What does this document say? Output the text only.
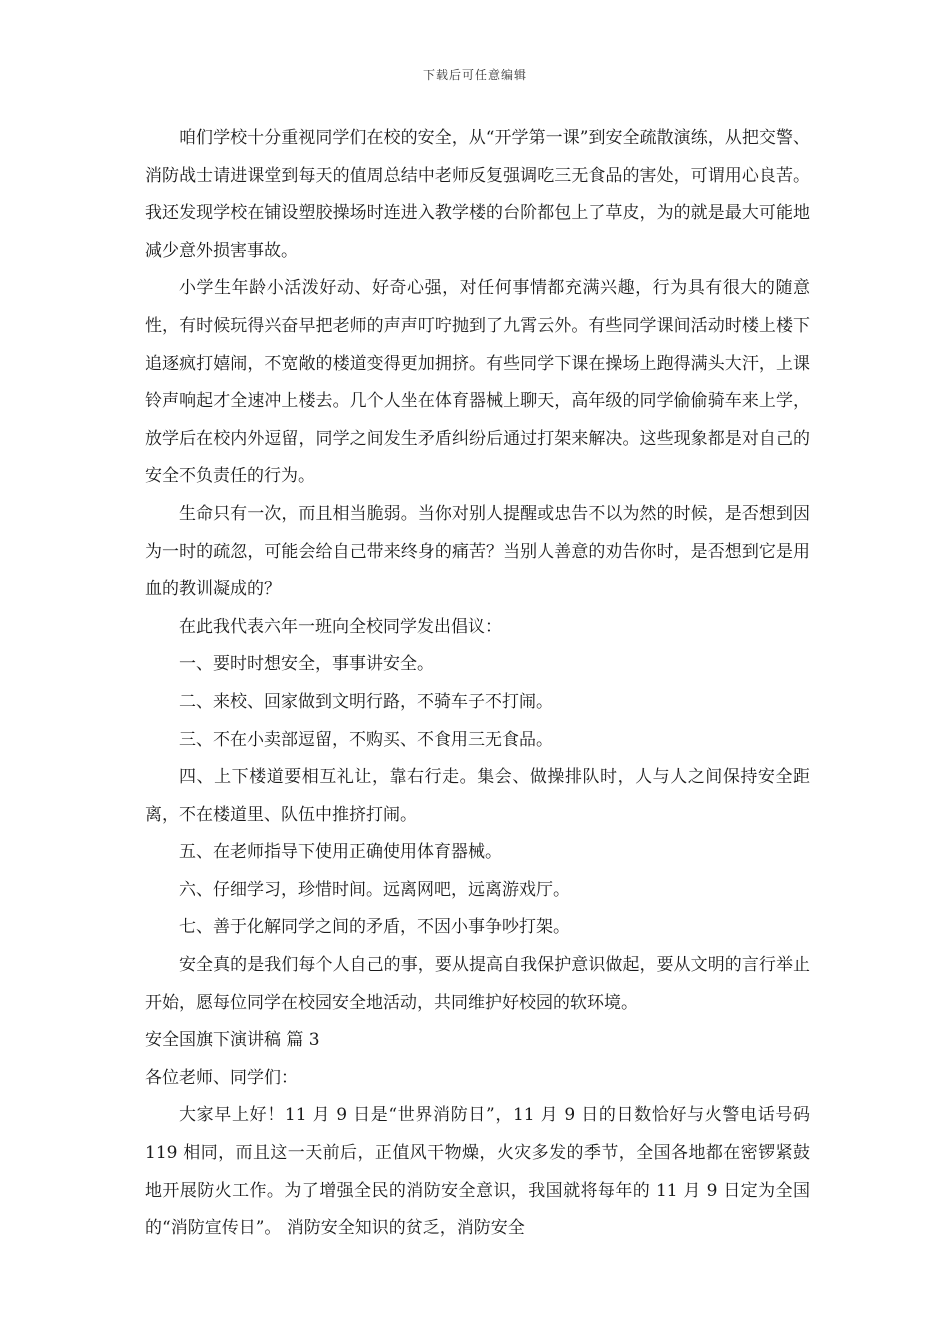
下载后可任意编辑

咱们学校十分重视同学们在校的安全，从“开学第一课”到安全疏散演练，从把交警、消防战士请进课堂到每天的值周总结中老师反复强调吃三无食品的害处，可谓用心良苦。我还发现学校在铺设塑胶操场时连进入教学楼的台阶都包上了草皮，为的就是最大可能地减少意外损害事故。

小学生年龄小活泼好动、好奇心强，对任何事情都充满兴趣，行为具有很大的随意性，有时候玩得兴奋早把老师的声声叮咛抛到了九霄云外。有些同学课间活动时楼上楼下追逐疯打嬉闹，不宽敞的楼道变得更加拥挤。有些同学下课在操场上跑得满头大汗，上课铃声响起才全速冲上楼去。几个人坐在体育器械上聊天，高年级的同学偷偷骑车来上学，放学后在校内外逗留，同学之间发生矛盾纠纷后通过打架来解决。这些现象都是对自己的安全不负责任的行为。

生命只有一次，而且相当脆弱。当你对别人提醒或忠告不以为然的时候，是否想到因为一时的疏忽，可能会给自己带来终身的痛苦？当别人善意的劝告你时，是否想到它是用血的教训凝成的？

在此我代表六年一班向全校同学发出倡议：

一、要时时想安全，事事讲安全。

二、来校、回家做到文明行路，不骑车子不打闹。

三、不在小卖部逗留，不购买、不食用三无食品。

四、上下楼道要相互礼让，靠右行走。集会、做操排队时，人与人之间保持安全距离，不在楼道里、队伍中推挤打闹。

五、在老师指导下使用正确使用体育器械。

六、仔细学习，珍惜时间。远离网吧，远离游戏厅。

七、善于化解同学之间的矛盾，不因小事争吵打架。

安全真的是我们每个人自己的事，要从提高自我保护意识做起，要从文明的言行举止开始，愿每位同学在校园安全地活动，共同维护好校园的软环境。

安全国旗下演讲稿 篇 3

各位老师、同学们：

大家早上好！11 月 9 日是“世界消防日”，11 月 9 日的日数恰好与火警电话号码 119 相同，而且这一天前后，正值风干物燥，火灾多发的季节，全国各地都在密锣紧鼓地开展防火工作。为了增强全民的消防安全意识，我国就将每年的 11 月 9 日定为全国的“消防宣传日”。 消防安全知识的贫乏，消防安全
